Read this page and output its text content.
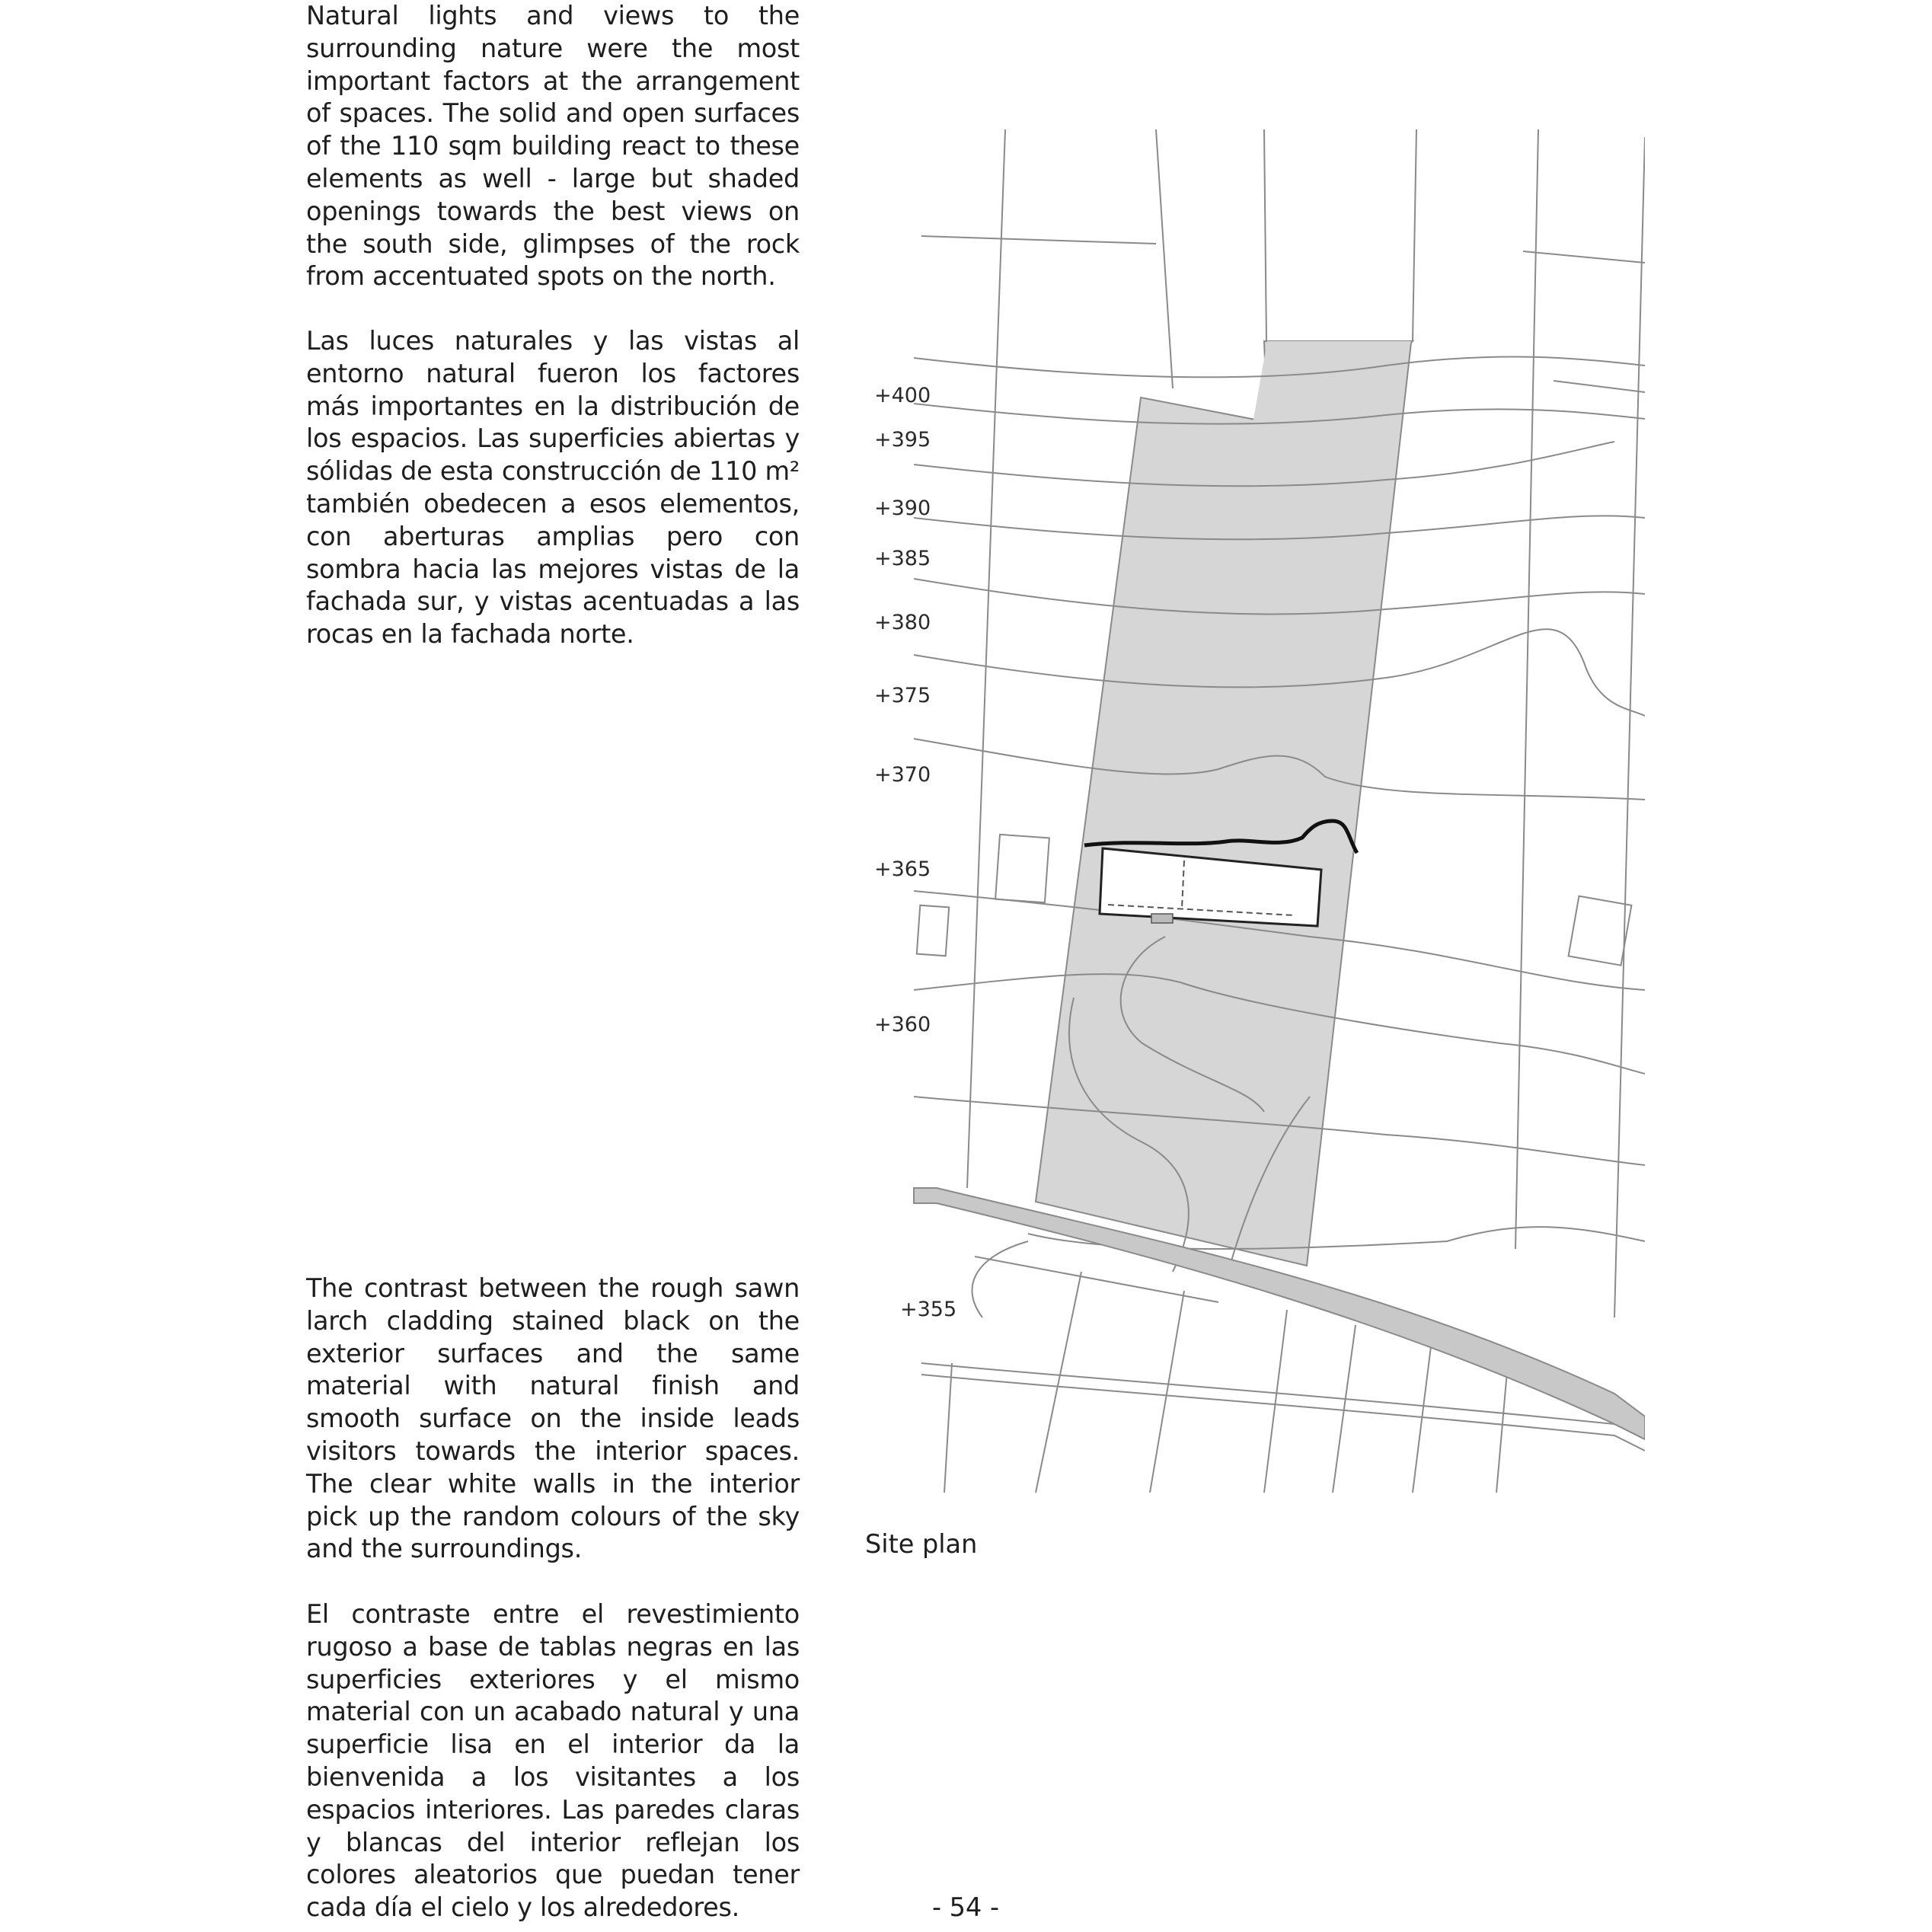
Natural lights and views to the surrounding nature were the most important factors at the arrangement of spaces. The solid and open surfaces of the 110 sqm building react to these elements as well - large but shaded openings towards the best views on the south side, glimpses of the rock from accentuated spots on the north.

Las luces naturales y las vistas al entorno natural fueron los factores más importantes en la distribución de los espacios. Las superficies abiertas y sólidas de esta construcción de 110 m² también obedecen a esos elementos, con aberturas amplias pero con sombra hacia las mejores vistas de la fachada sur, y vistas acentuadas a las rocas en la fachada norte.

The contrast between the rough sawn larch cladding stained black on the exterior surfaces and the same material with natural finish and smooth surface on the inside leads visitors towards the interior spaces. The clear white walls in the interior pick up the random colours of the sky and the surroundings.

El contraste entre el revestimiento rugoso a base de tablas negras en las superficies exteriores y el mismo material con un acabado natural y una superficie lisa en el interior da la bienvenida a los visitantes a los espacios interiores. Las paredes claras y blancas del interior reflejan los colores aleatorios que puedan tener cada día el cielo y los alrededores.

+400
+395
+390
+385
+380
+375
+370
+365
+360
+355

Site plan

- 54 -
